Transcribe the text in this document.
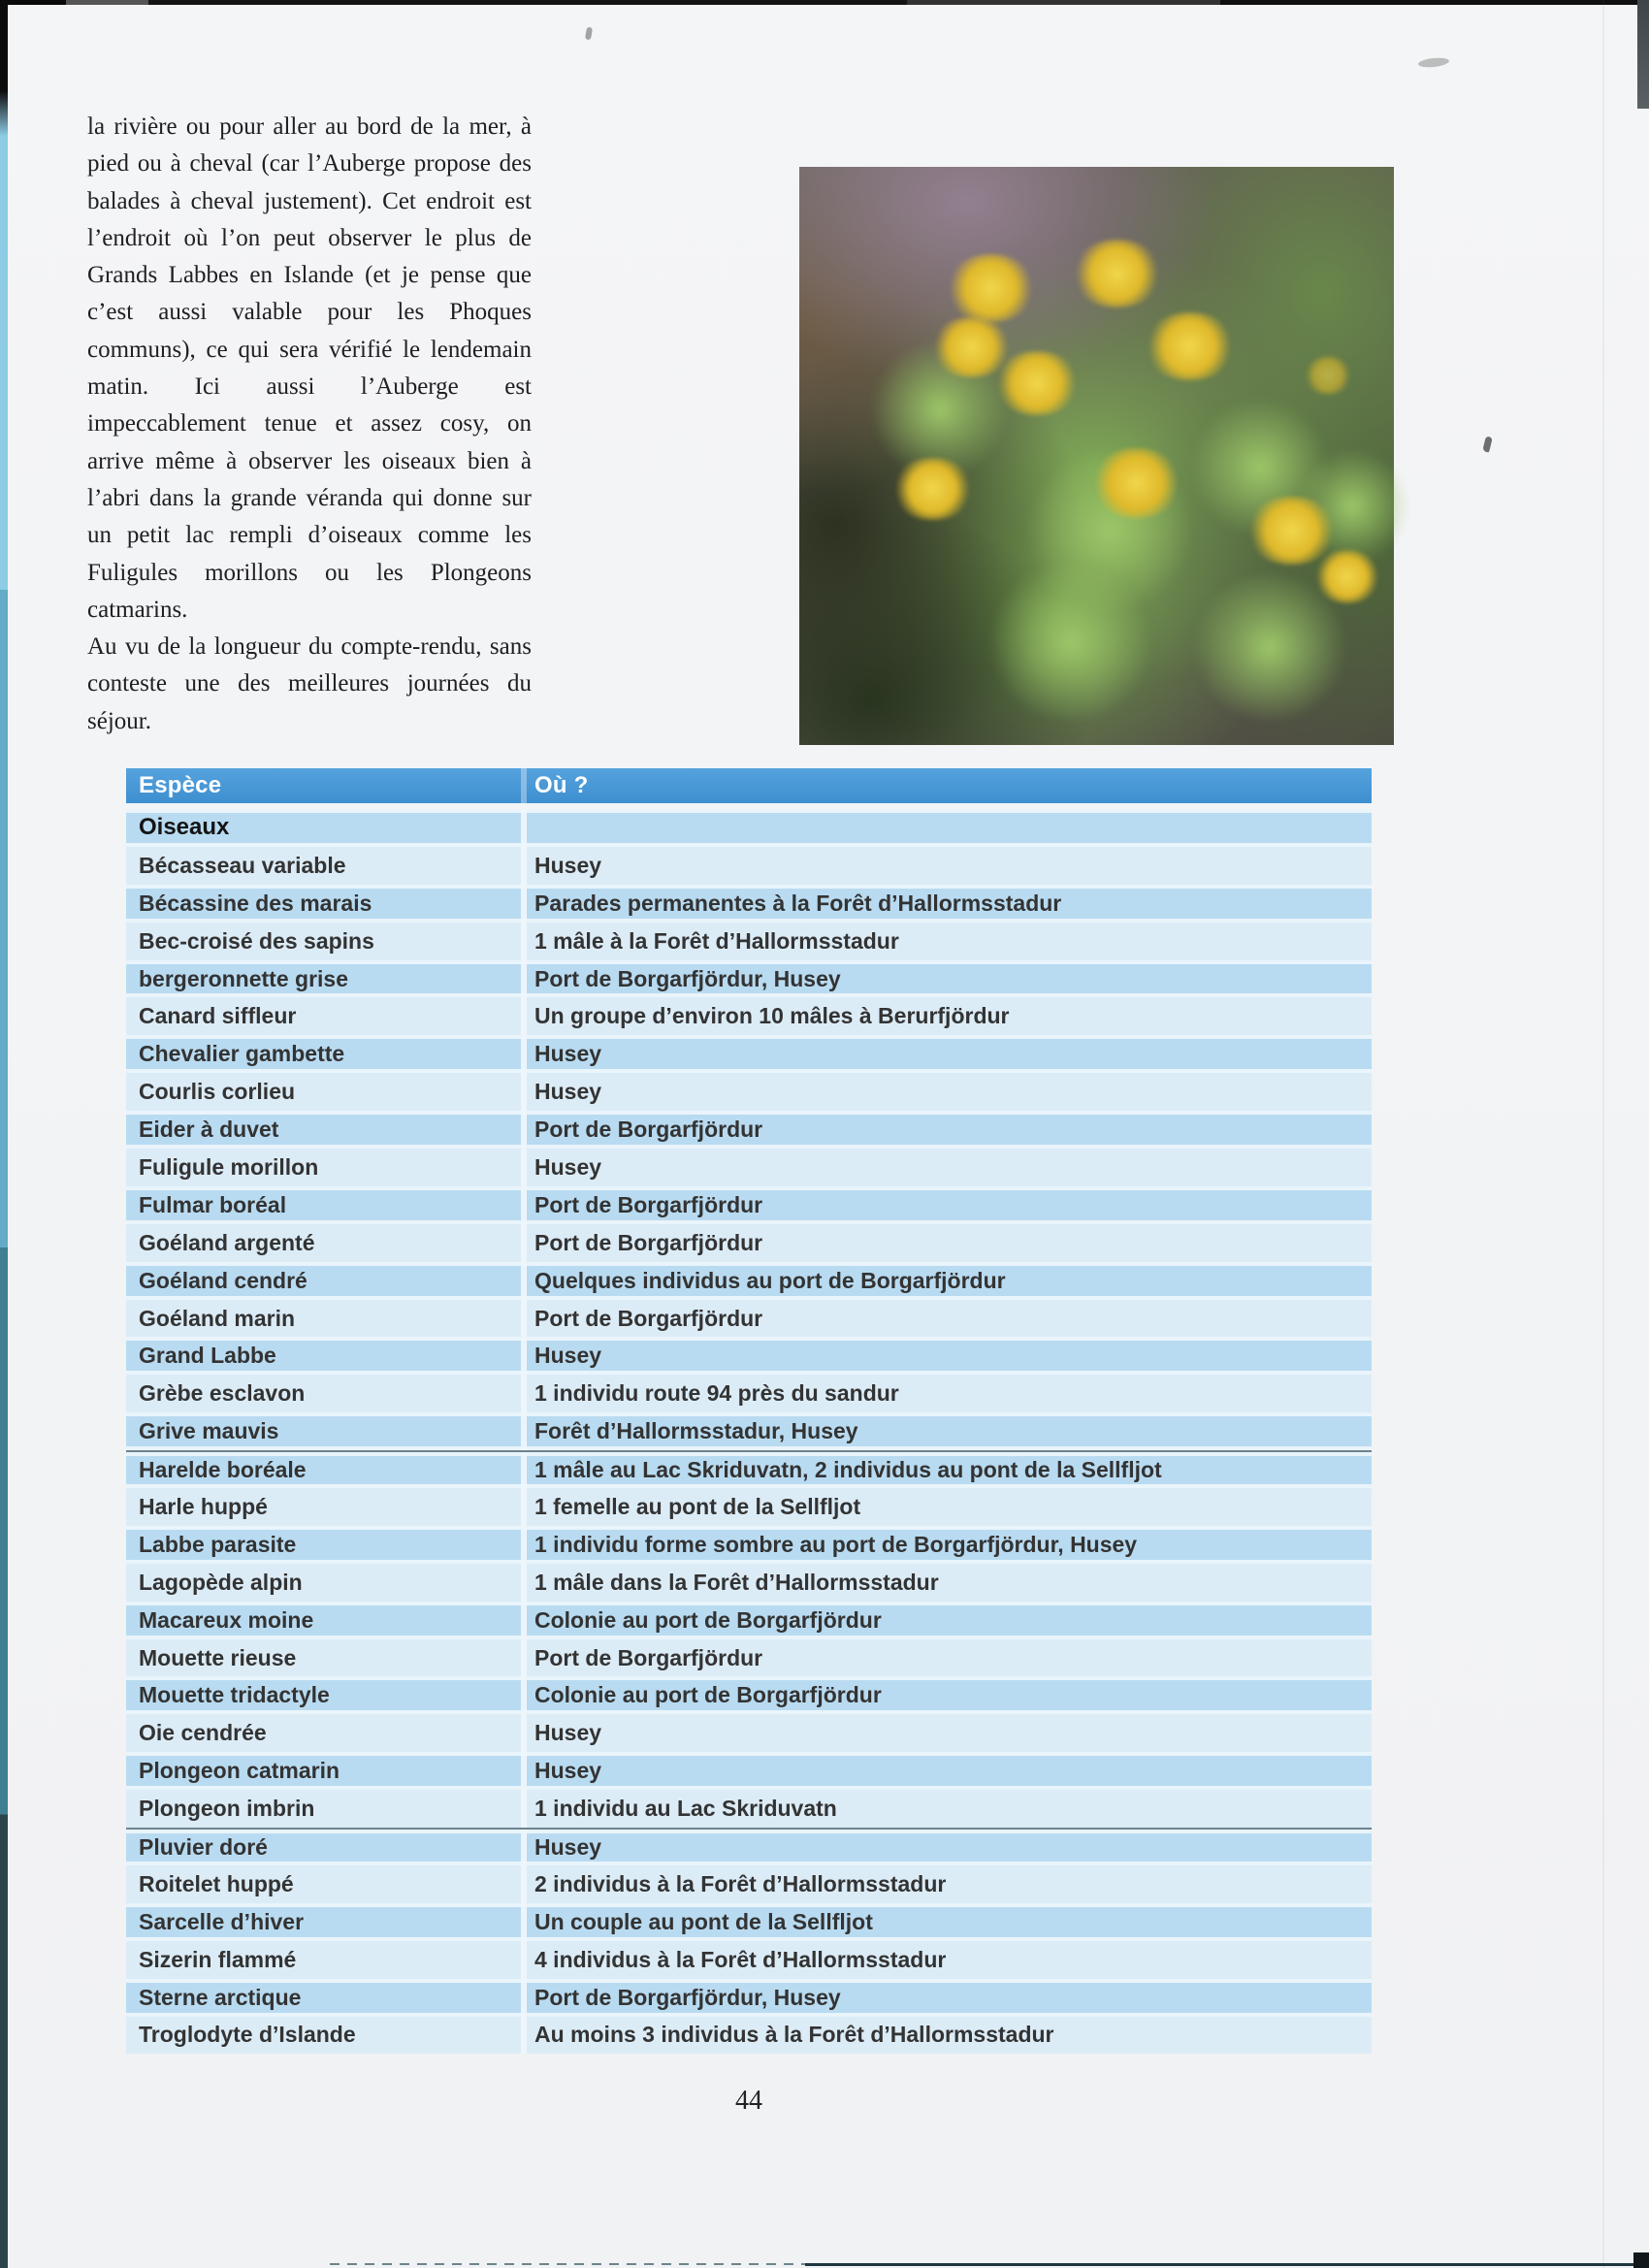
la rivière ou pour aller au bord de la mer, à pied ou à cheval (car l’Auberge propose des balades à cheval justement). Cet endroit est l’endroit où l’on peut observer le plus de Grands Labbes en Islande (et je pense que c’est aussi valable pour les Phoques communs), ce qui sera vérifié le lendemain matin. Ici aussi l’Auberge est impeccablement tenue et assez cosy, on arrive même à observer les oiseaux bien à l’abri dans la grande véranda qui donne sur un petit lac rempli d’oiseaux comme les Fuligules morillons ou les Plongeons catmarins.

Au vu de la longueur du compte-rendu, sans conteste une des meilleures journées du séjour.

Espèce	Où ?
Oiseaux
Bécasseau variable	Husey
Bécassine des marais	Parades permanentes à la Forêt d’Hallormsstadur
Bec-croisé des sapins	1 mâle à la Forêt d’Hallormsstadur
bergeronnette grise	Port de Borgarfjördur, Husey
Canard siffleur	Un groupe d’environ 10 mâles à Berurfjördur
Chevalier gambette	Husey
Courlis corlieu	Husey
Eider à duvet	Port de Borgarfjördur
Fuligule morillon	Husey
Fulmar boréal	Port de Borgarfjördur
Goéland argenté	Port de Borgarfjördur
Goéland cendré	Quelques individus au port de Borgarfjördur
Goéland marin	Port de Borgarfjördur
Grand Labbe	Husey
Grèbe esclavon	1 individu route 94 près du sandur
Grive mauvis	Forêt d’Hallormsstadur, Husey
Harelde boréale	1 mâle au Lac Skriduvatn, 2 individus au pont de la Sellfljot
Harle huppé	1 femelle au pont de la Sellfljot
Labbe parasite	1 individu forme sombre au port de Borgarfjördur, Husey
Lagopède alpin	1 mâle dans la Forêt d’Hallormsstadur
Macareux moine	Colonie au port de Borgarfjördur
Mouette rieuse	Port de Borgarfjördur
Mouette tridactyle	Colonie au port de Borgarfjördur
Oie cendrée	Husey
Plongeon catmarin	Husey
Plongeon imbrin	1 individu au Lac Skriduvatn
Pluvier doré	Husey
Roitelet huppé	2 individus à la Forêt d’Hallormsstadur
Sarcelle d’hiver	Un couple au pont de la Sellfljot
Sizerin flammé	4 individus à la Forêt d’Hallormsstadur
Sterne arctique	Port de Borgarfjördur, Husey
Troglodyte d’Islande	Au moins 3 individus à la Forêt d’Hallormsstadur
44
